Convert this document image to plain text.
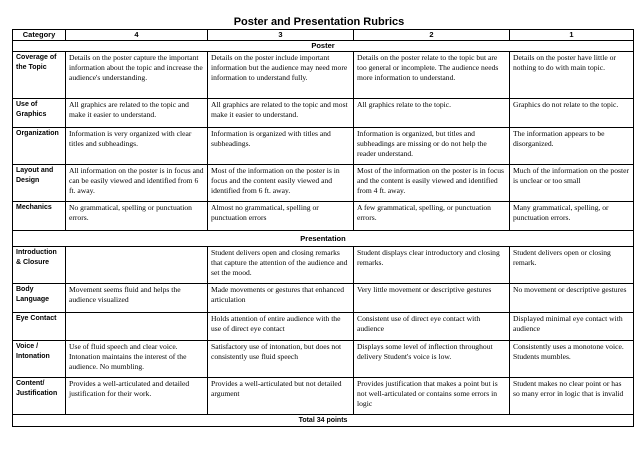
Poster and Presentation Rubrics
Category	4	3	2	1
Poster				
Coverage of the Topic	Details on the poster capture the important information about the topic and increase the audience's understanding.	Details on the poster include important information but the audience may need more information to understand fully.	Details on the poster relate to the topic but are too general or incomplete. The audience needs more information to understand.	Details on the poster have little or nothing to do with main topic.
Use of Graphics	All graphics are related to the topic and make it easier to understand.	All graphics are related to the topic and most make it easier to understand.	All graphics relate to the topic.	Graphics do not relate to the topic.
Organization	Information is very organized with clear titles and subheadings.	Information is organized with titles and subheadings.	Information is organized, but titles and subheadings are missing or do not help the reader understand.	The information appears to be disorganized.
Layout and Design	All information on the poster is in focus and can be easily viewed and identified from 6 ft. away.	Most of the information on the poster is in focus and the content easily viewed and identified from 6 ft. away.	Most of the information on the poster is in focus and the content is easily viewed and identified from 4 ft. away.	Much of the information on the poster is unclear or too small
Mechanics	No grammatical, spelling or punctuation errors.	Almost no grammatical, spelling or punctuation errors	A few grammatical, spelling, or punctuation errors.	Many grammatical, spelling, or punctuation errors.
Presentation				
Introduction & Closure		Student delivers open and closing remarks that capture the attention of the audience and set the mood.	Student displays clear introductory and closing remarks.	Student delivers open or closing remark.
Body Language	Movement seems fluid and helps the audience visualized	Made movements or gestures that enhanced articulation	Very little movement or descriptive gestures	No movement or descriptive gestures
Eye Contact		Holds attention of entire audience with the use of direct eye contact	Consistent use of direct eye contact with audience	Displayed minimal eye contact with audience
Voice / Intonation	Use of fluid speech and clear voice. Intonation maintains the interest of the audience. No mumbling.	Satisfactory use of intonation, but does not consistently use fluid speech	Displays some level of inflection throughout delivery Student's voice is low.	Consistently uses a monotone voice. Students mumbles.
Content/ Justification	Provides a well-articulated and detailed justification for their work.	Provides a well-articulated but not detailed argument	Provides justification that makes a point but is not well-articulated or contains some errors in logic	Student makes no clear point or has so many error in logic that is invalid
Total 34 points				
